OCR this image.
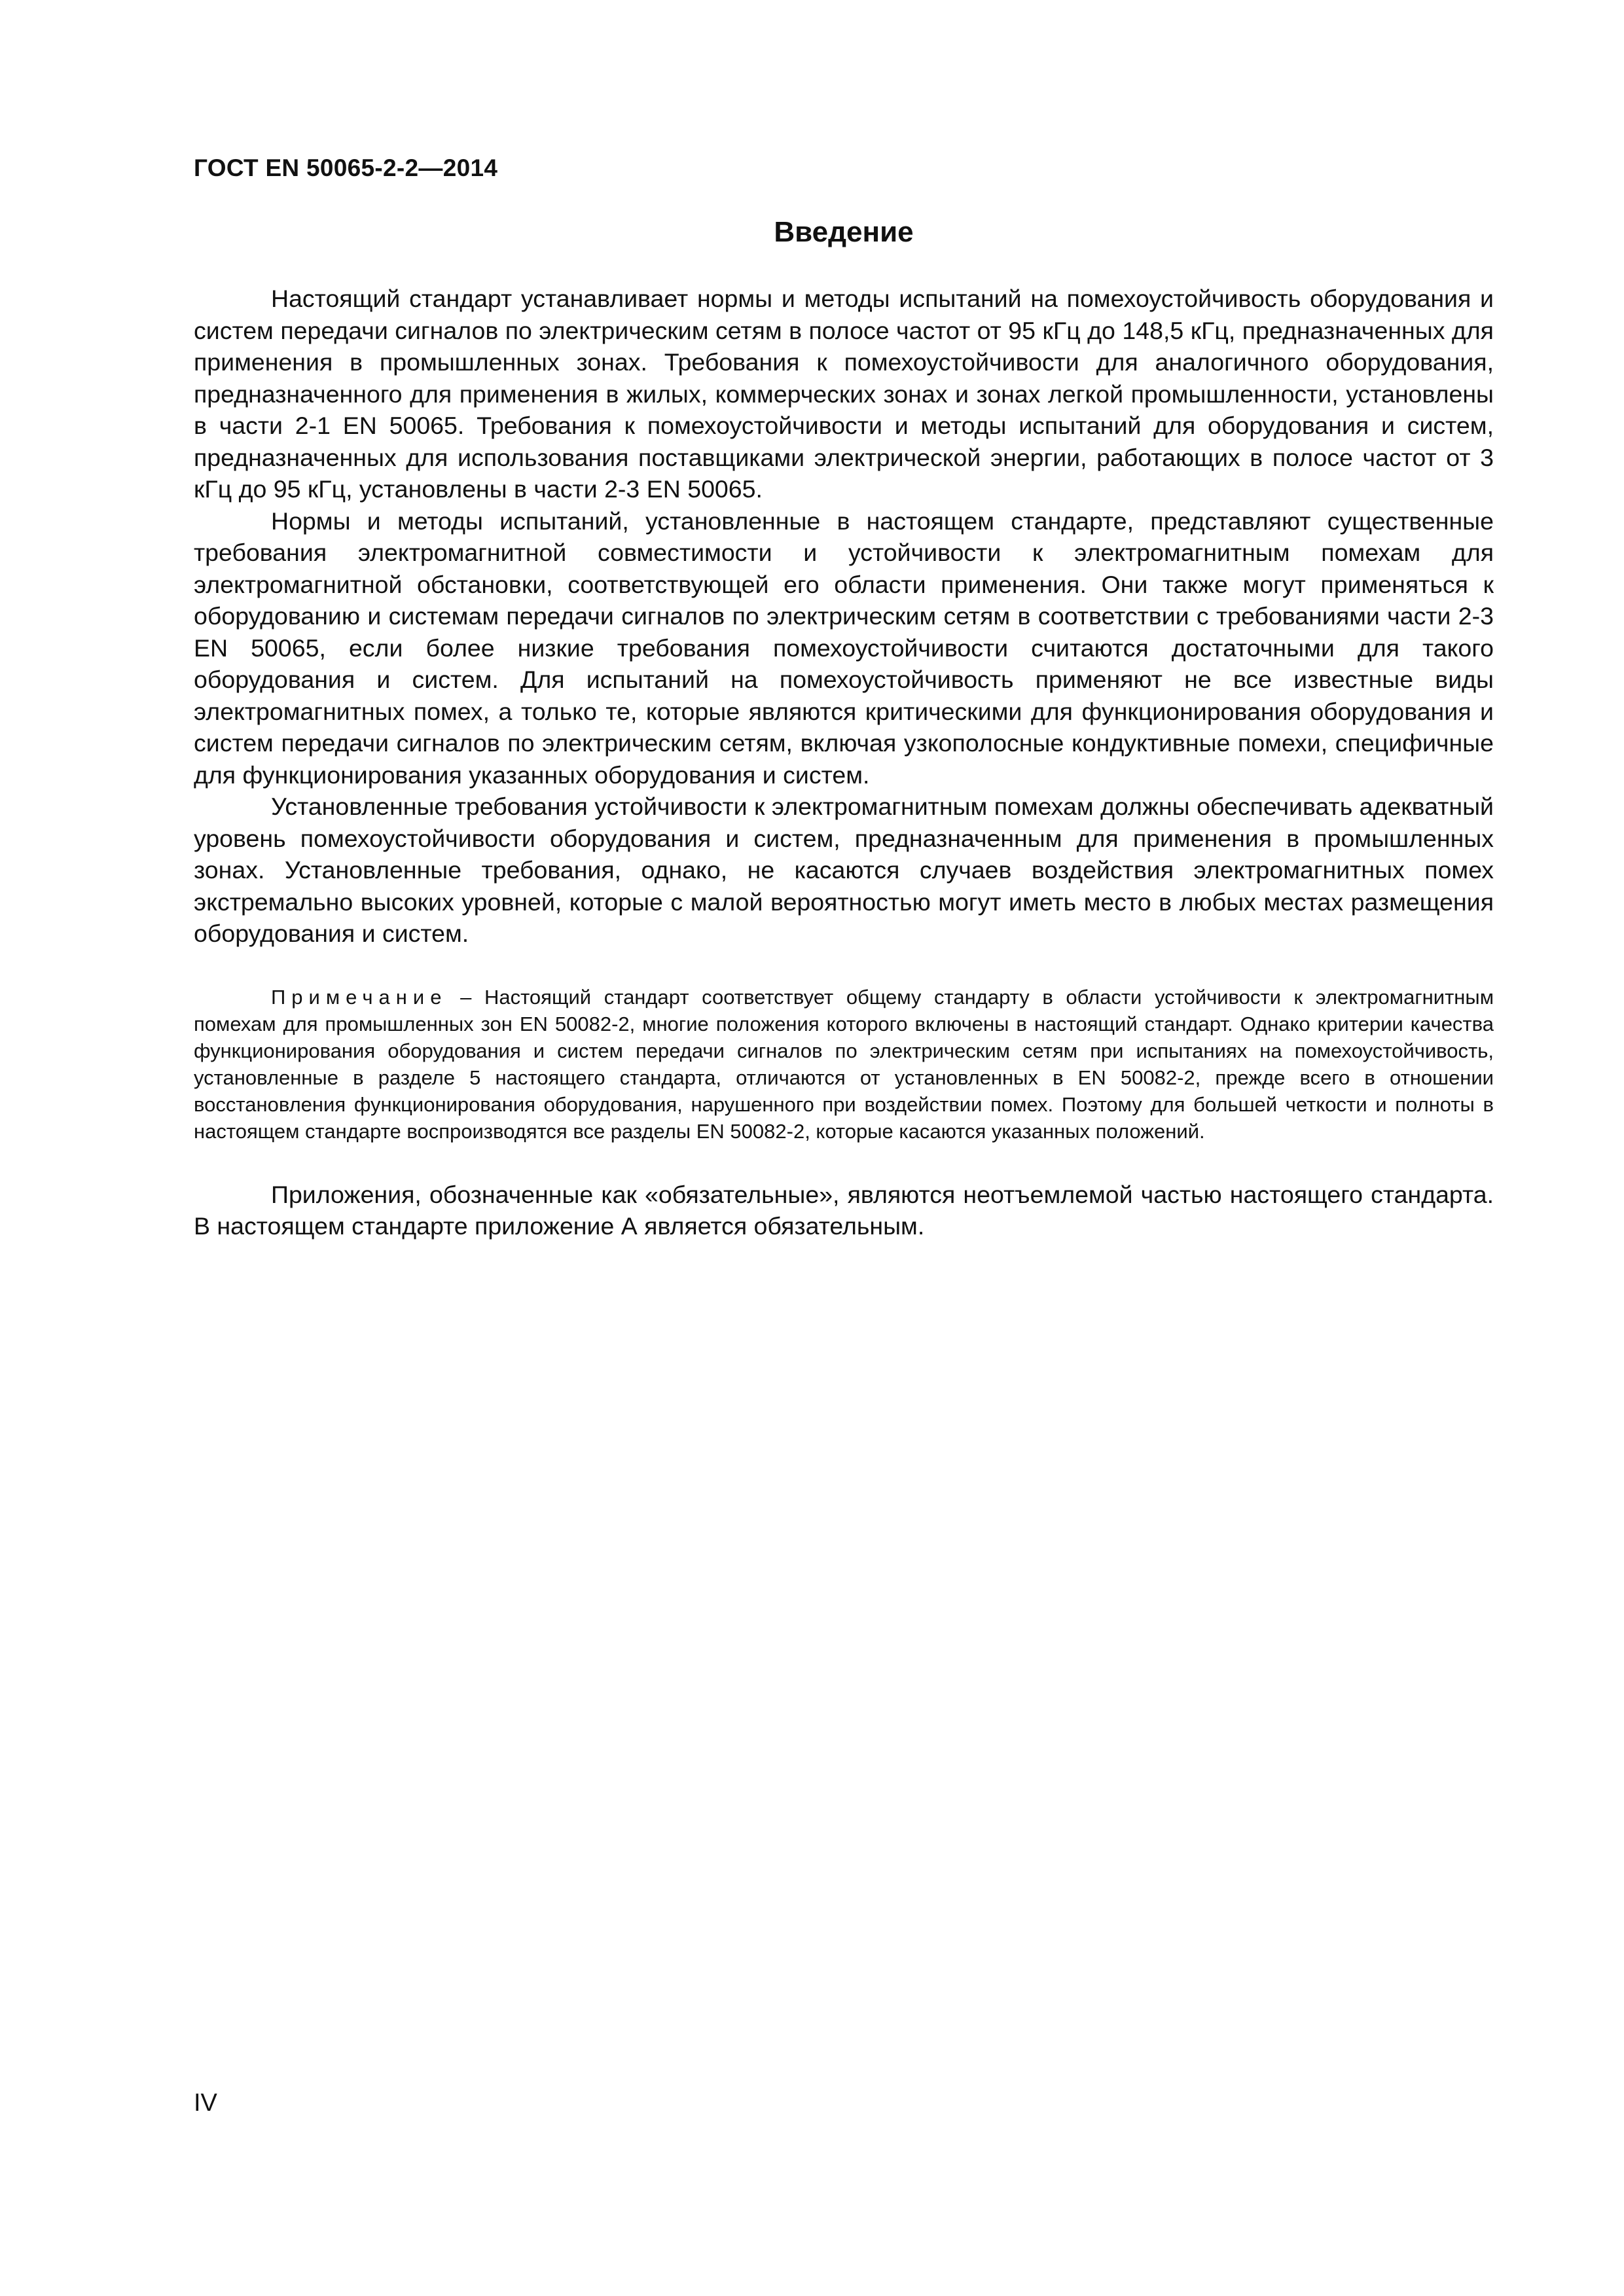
ГОСТ EN 50065-2-2—2014
Введение

Настоящий стандарт устанавливает нормы и методы испытаний на помехоустойчивость оборудования и систем передачи сигналов по электрическим сетям в полосе частот от 95 кГц до 148,5 кГц, предназначенных для применения в промышленных зонах. Требования к помехоустойчивости для аналогичного оборудования, предназначенного для применения в жилых, коммерческих зонах и зонах легкой промышленности, установлены в части 2-1 EN 50065. Требования к помехоустойчивости и методы испытаний для оборудования и систем, предназначенных для использования поставщиками электрической энергии, работающих в полосе частот от 3 кГц до 95 кГц, установлены в части 2-3 EN 50065.

Нормы и методы испытаний, установленные в настоящем стандарте, представляют существенные требования электромагнитной совместимости и устойчивости к электромагнитным помехам для электромагнитной обстановки, соответствующей его области применения. Они также могут применяться к оборудованию и системам передачи сигналов по электрическим сетям в соответствии с требованиями части 2-3 EN 50065, если более низкие требования помехоустойчивости считаются достаточными для такого оборудования и систем. Для испытаний на помехоустойчивость применяют не все известные виды электромагнитных помех, а только те, которые являются критическими для функционирования оборудования и систем передачи сигналов по электрическим сетям, включая узкополосные кондуктивные помехи, специфичные для функционирования указанных оборудования и систем.

Установленные требования устойчивости к электромагнитным помехам должны обеспечивать адекватный уровень помехоустойчивости оборудования и систем, предназначенным для применения в промышленных зонах. Установленные требования, однако, не касаются случаев воздействия электромагнитных помех экстремально высоких уровней, которые с малой вероятностью могут иметь место в любых местах размещения оборудования и систем.

Примечание – Настоящий стандарт соответствует общему стандарту в области устойчивости к электромагнитным помехам для промышленных зон EN 50082-2, многие положения которого включены в настоящий стандарт. Однако критерии качества функционирования оборудования и систем передачи сигналов по электрическим сетям при испытаниях на помехоустойчивость, установленные в разделе 5 настоящего стандарта, отличаются от установленных в EN 50082-2, прежде всего в отношении восстановления функционирования оборудования, нарушенного при воздействии помех. Поэтому для большей четкости и полноты в настоящем стандарте воспроизводятся все разделы EN 50082-2, которые касаются указанных положений.

Приложения, обозначенные как «обязательные», являются неотъемлемой частью настоящего стандарта. В настоящем стандарте приложение А является обязательным.

IV
